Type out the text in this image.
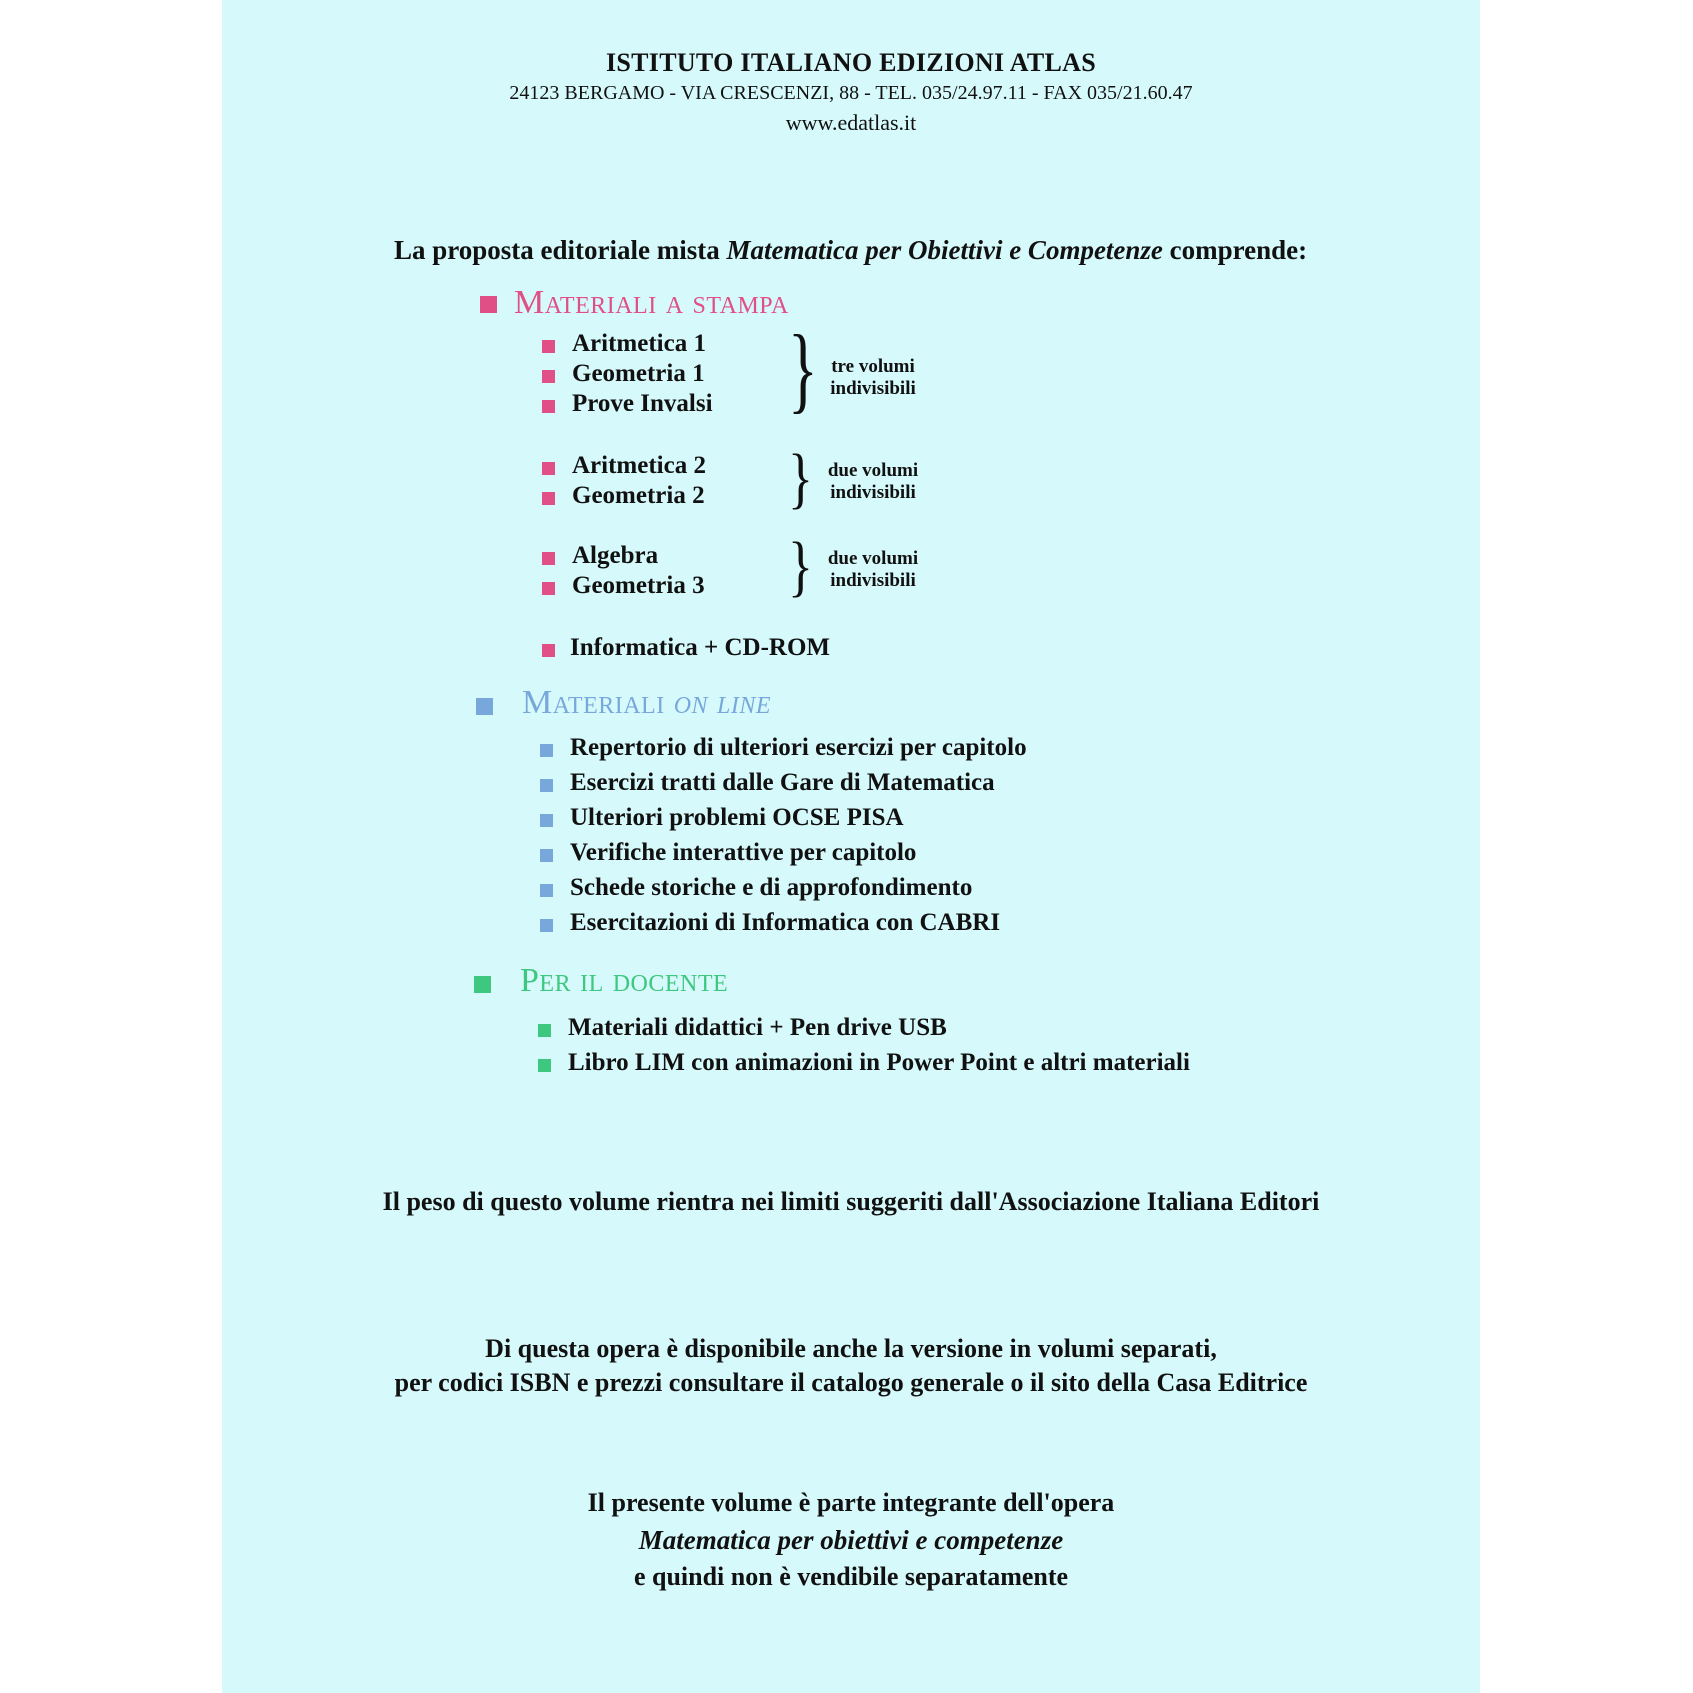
ISTITUTO ITALIANO EDIZIONI ATLAS
24123 BERGAMO - VIA CRESCENZI, 88 - TEL. 035/24.97.11 - FAX 035/21.60.47
www.edatlas.it
La proposta editoriale mista Matematica per Obiettivi e Competenze comprende:
Materiali a stampa
Aritmetica 1
Geometria 1
Prove Invalsi } tre volumi
indivisibili
Aritmetica 2
Geometria 2 } due volumi
indivisibili
Algebra
Geometria 3 } due volumi
indivisibili
Informatica + CD-ROM
Materiali on line
Repertorio di ulteriori esercizi per capitolo
Esercizi tratti dalle Gare di Matematica
Ulteriori problemi OCSE PISA
Verifiche interattive per capitolo
Schede storiche e di approfondimento
Esercitazioni di Informatica con CABRI
Per il docente
Materiali didattici + Pen drive USB
Libro LIM con animazioni in Power Point e altri materiali
Il peso di questo volume rientra nei limiti suggeriti dall'Associazione Italiana Editori
Di questa opera è disponibile anche la versione in volumi separati,
per codici ISBN e prezzi consultare il catalogo generale o il sito della Casa Editrice
Il presente volume è parte integrante dell'opera
Matematica per obiettivi e competenze
e quindi non è vendibile separatamente
